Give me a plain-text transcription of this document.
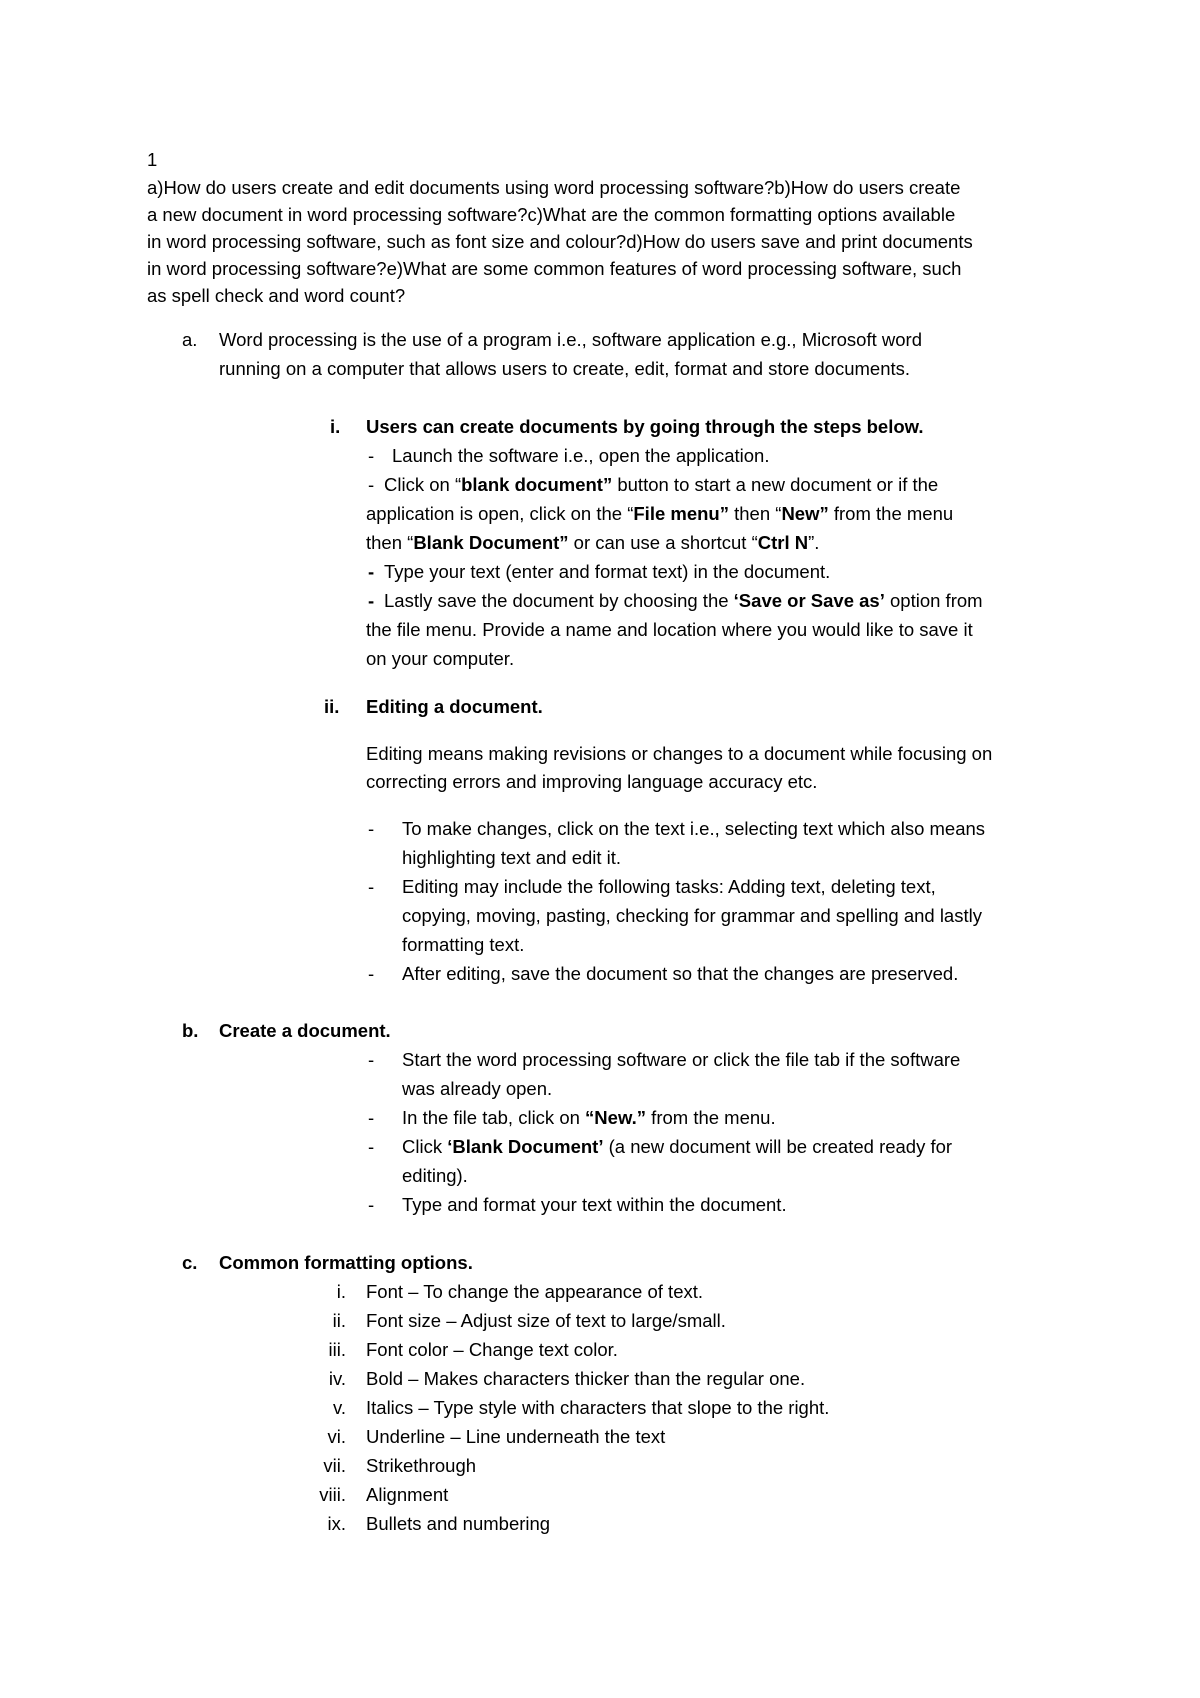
1
a)How do users create and edit documents using word processing software?b)How do users create
a new document in word processing software?c)What are the common formatting options available
in word processing software, such as font size and colour?d)How do users save and print documents
in word processing software?e)What are some common features of word processing software, such
as spell check and word count?
a. Word processing is the use of a program i.e., software application e.g., Microsoft word
running on a computer that allows users to create, edit, format and store documents.
i. Users can create documents by going through the steps below.
- Launch the software i.e., open the application.
- Click on “blank document” button to start a new document or if the
application is open, click on the “File menu” then “New” from the menu
then “Blank Document” or can use a shortcut “Ctrl N”.
- Type your text (enter and format text) in the document.
- Lastly save the document by choosing the ‘Save or Save as’ option from
the file menu. Provide a name and location where you would like to save it
on your computer.
ii. Editing a document.
Editing means making revisions or changes to a document while focusing on
correcting errors and improving language accuracy etc.
- To make changes, click on the text i.e., selecting text which also means
highlighting text and edit it.
- Editing may include the following tasks: Adding text, deleting text,
copying, moving, pasting, checking for grammar and spelling and lastly
formatting text.
- After editing, save the document so that the changes are preserved.
b. Create a document.
- Start the word processing software or click the file tab if the software
was already open.
- In the file tab, click on “New.” from the menu.
- Click ‘Blank Document’ (a new document will be created ready for
editing).
- Type and format your text within the document.
c. Common formatting options.
i. Font – To change the appearance of text.
ii. Font size – Adjust size of text to large/small.
iii. Font color – Change text color.
iv. Bold – Makes characters thicker than the regular one.
v. Italics – Type style with characters that slope to the right.
vi. Underline – Line underneath the text
vii. Strikethrough
viii. Alignment
ix. Bullets and numbering
